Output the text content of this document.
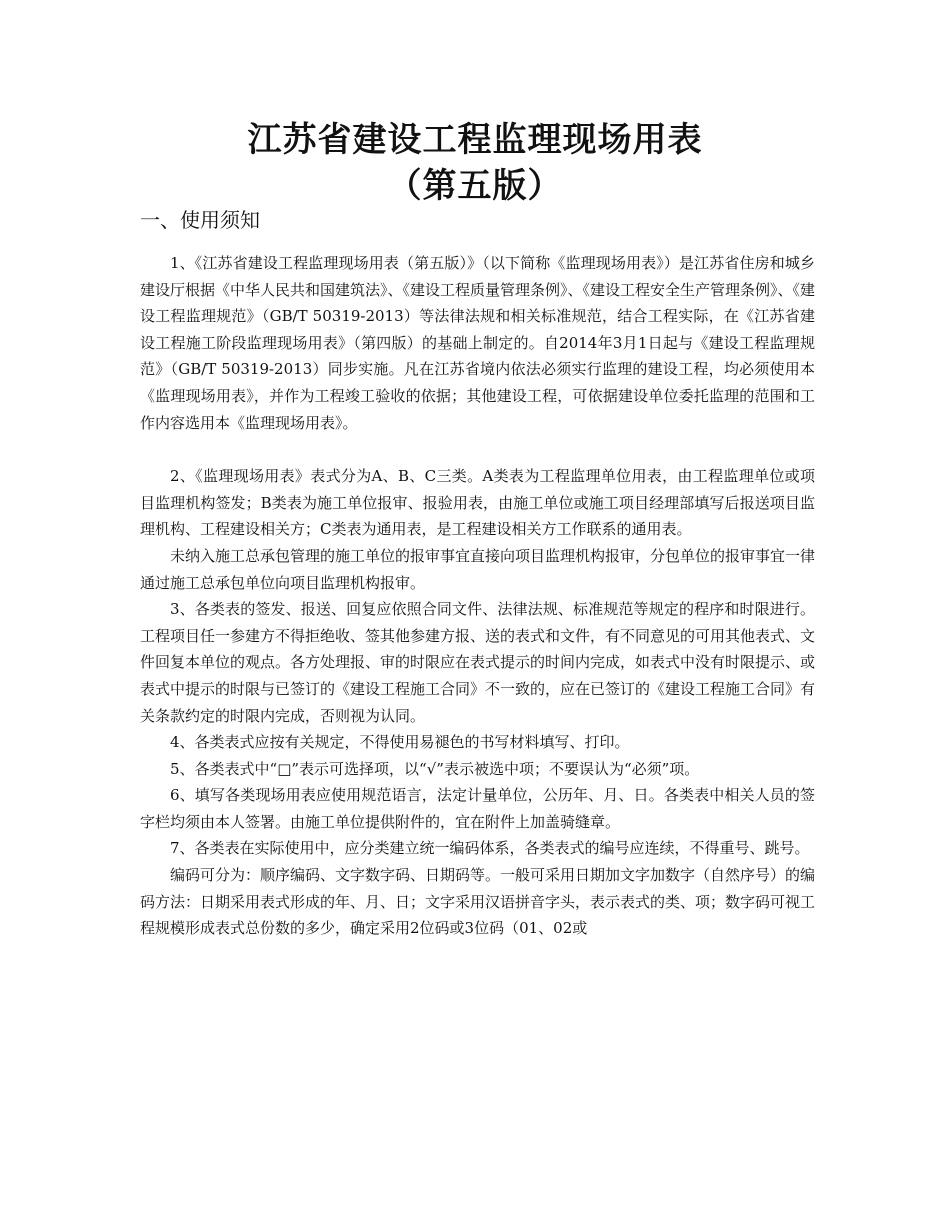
江苏省建设工程监理现场用表
（第五版）
一、使用须知

1、《江苏省建设工程监理现场用表（第五版）》（以下简称《监理现场用表》）是江苏省住房和城乡建设厅根据《中华人民共和国建筑法》、《建设工程质量管理条例》、《建设工程安全生产管理条例》、《建设工程监理规范》（GB/T 50319-2013）等法律法规和相关标准规范，结合工程实际，在《江苏省建设工程施工阶段监理现场用表》（第四版）的基础上制定的。自2014年3月1日起与《建设工程监理规范》（GB/T 50319-2013）同步实施。凡在江苏省境内依法必须实行监理的建设工程，均必须使用本《监理现场用表》，并作为工程竣工验收的依据；其他建设工程，可依据建设单位委托监理的范围和工作内容选用本《监理现场用表》。

2、《监理现场用表》表式分为A、B、C三类。A类表为工程监理单位用表，由工程监理单位或项目监理机构签发；B类表为施工单位报审、报验用表，由施工单位或施工项目经理部填写后报送项目监理机构、工程建设相关方；C类表为通用表，是工程建设相关方工作联系的通用表。

未纳入施工总承包管理的施工单位的报审事宜直接向项目监理机构报审，分包单位的报审事宜一律通过施工总承包单位向项目监理机构报审。

3、各类表的签发、报送、回复应依照合同文件、法律法规、标准规范等规定的程序和时限进行。工程项目任一参建方不得拒绝收、签其他参建方报、送的表式和文件，有不同意见的可用其他表式、文件回复本单位的观点。各方处理报、审的时限应在表式提示的时间内完成，如表式中没有时限提示、或表式中提示的时限与已签订的《建设工程施工合同》不一致的，应在已签订的《建设工程施工合同》有关条款约定的时限内完成，否则视为认同。

4、各类表式应按有关规定，不得使用易褪色的书写材料填写、打印。

5、各类表式中“□”表示可选择项，以“√”表示被选中项；不要误认为“必须”项。

6、填写各类现场用表应使用规范语言，法定计量单位，公历年、月、日。各类表中相关人员的签字栏均须由本人签署。由施工单位提供附件的，宜在附件上加盖骑缝章。

7、各类表在实际使用中，应分类建立统一编码体系，各类表式的编号应连续，不得重号、跳号。

编码可分为：顺序编码、文字数字码、日期码等。一般可采用日期加文字加数字（自然序号）的编码方法：日期采用表式形成的年、月、日；文字采用汉语拼音字头，表示表式的类、项；数字码可视工程规模形成表式总份数的多少，确定采用2位码或3位码（01、02或
